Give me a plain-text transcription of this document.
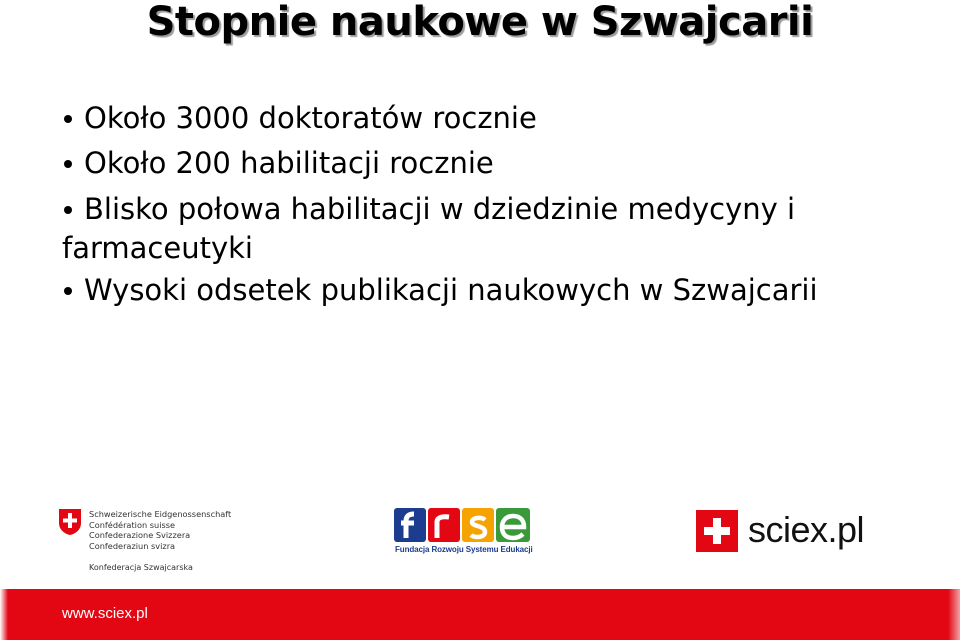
Stopnie naukowe w Szwajcarii
Około 3000 doktoratów rocznie
Około 200 habilitacji rocznie
Blisko połowa habilitacji w dziedzinie medycyny i farmaceutyki
Wysoki odsetek publikacji naukowych w Szwajcarii
Schweizerische Eidgenossenschaft
Confédération suisse
Confederazione Svizzera
Confederaziun svizra
Konfederacja Szwajcarska
Fundacja Rozwoju Systemu Edukacji	sciex.pl
www.sciex.pl
